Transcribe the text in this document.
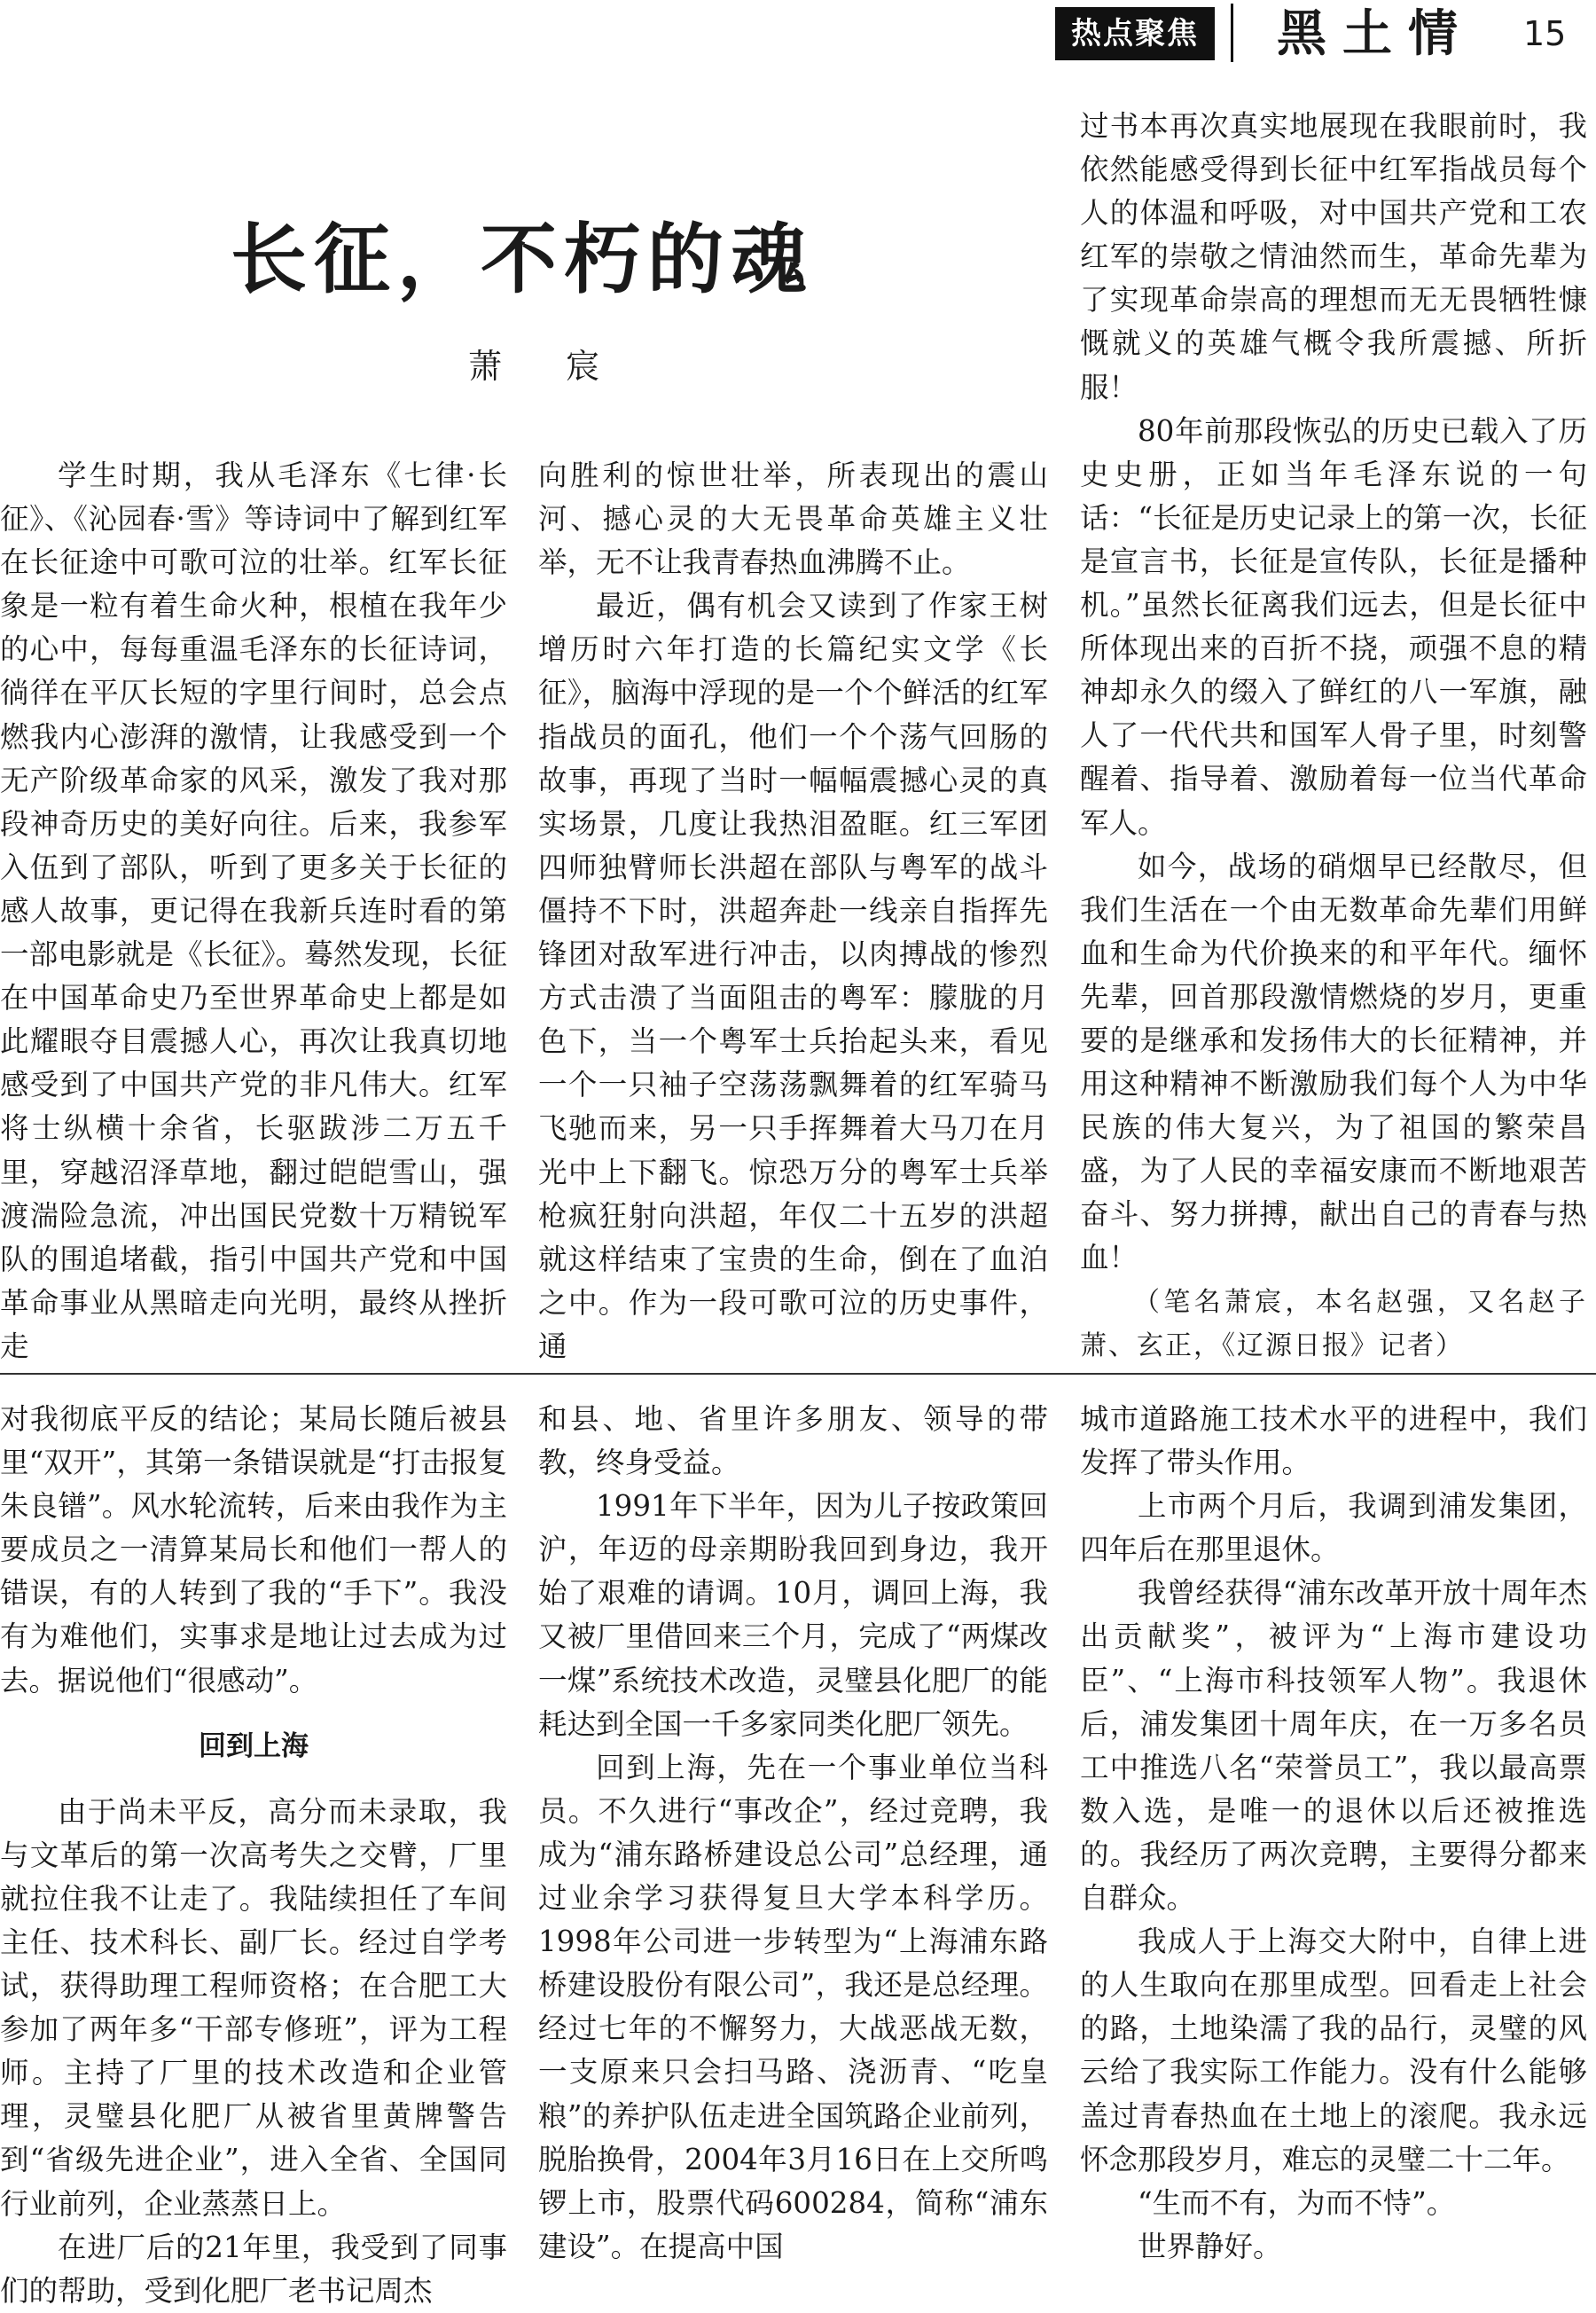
热点聚焦	黑土情 15
长征，不朽的魂
萧 宸

学生时期，我从毛泽东《七律·长征》、《沁园春·雪》等诗词中了解到红军在长征途中可歌可泣的壮举。红军长征象是一粒有着生命火种，根植在我年少的心中，每每重温毛泽东的长征诗词，徜徉在平仄长短的字里行间时，总会点燃我内心澎湃的激情，让我感受到一个无产阶级革命家的风采，激发了我对那段神奇历史的美好向往。后来，我参军入伍到了部队，听到了更多关于长征的感人故事，更记得在我新兵连时看的第一部电影就是《长征》。蓦然发现，长征在中国革命史乃至世界革命史上都是如此耀眼夺目震撼人心，再次让我真切地感受到了中国共产党的非凡伟大。红军将士纵横十余省，长驱跋涉二万五千里，穿越沼泽草地，翻过皑皑雪山，强渡湍险急流，冲出国民党数十万精锐军队的围追堵截，指引中国共产党和中国革命事业从黑暗走向光明，最终从挫折走

向胜利的惊世壮举，所表现出的震山河、撼心灵的大无畏革命英雄主义壮举，无不让我青春热血沸腾不止。

最近，偶有机会又读到了作家王树增历时六年打造的长篇纪实文学《长征》，脑海中浮现的是一个个鲜活的红军指战员的面孔，他们一个个荡气回肠的故事，再现了当时一幅幅震撼心灵的真实场景，几度让我热泪盈眶。红三军团四师独臂师长洪超在部队与粤军的战斗僵持不下时，洪超奔赴一线亲自指挥先锋团对敌军进行冲击，以肉搏战的惨烈方式击溃了当面阻击的粤军：朦胧的月色下，当一个粤军士兵抬起头来，看见一个一只袖子空荡荡飘舞着的红军骑马飞驰而来，另一只手挥舞着大马刀在月光中上下翻飞。惊恐万分的粤军士兵举枪疯狂射向洪超，年仅二十五岁的洪超就这样结束了宝贵的生命，倒在了血泊之中。作为一段可歌可泣的历史事件，通

过书本再次真实地展现在我眼前时，我依然能感受得到长征中红军指战员每个人的体温和呼吸，对中国共产党和工农红军的崇敬之情油然而生，革命先辈为了实现革命崇高的理想而无无畏牺牲慷慨就义的英雄气概令我所震撼、所折服！

80年前那段恢弘的历史已载入了历史史册，正如当年毛泽东说的一句话：“长征是历史记录上的第一次，长征是宣言书，长征是宣传队，长征是播种机。”虽然长征离我们远去，但是长征中所体现出来的百折不挠，顽强不息的精神却永久的缀入了鲜红的八一军旗，融人了一代代共和国军人骨子里，时刻警醒着、指导着、激励着每一位当代革命军人。

如今，战场的硝烟早已经散尽，但我们生活在一个由无数革命先辈们用鲜血和生命为代价换来的和平年代。缅怀先辈，回首那段激情燃烧的岁月，更重要的是继承和发扬伟大的长征精神，并用这种精神不断激励我们每个人为中华民族的伟大复兴，为了祖国的繁荣昌盛，为了人民的幸福安康而不断地艰苦奋斗、努力拼搏，献出自己的青春与热血！

（笔名萧宸，本名赵强，又名赵子萧、玄正，《辽源日报》记者）

对我彻底平反的结论；某局长随后被县里“双开”，其第一条错误就是“打击报复朱良镨”。风水轮流转，后来由我作为主要成员之一清算某局长和他们一帮人的错误，有的人转到了我的“手下”。我没有为难他们，实事求是地让过去成为过去。据说他们“很感动”。

回到上海

由于尚未平反，高分而未录取，我与文革后的第一次高考失之交臂，厂里就拉住我不让走了。我陆续担任了车间主任、技术科长、副厂长。经过自学考试，获得助理工程师资格；在合肥工大参加了两年多“干部专修班”，评为工程师。主持了厂里的技术改造和企业管理，灵璧县化肥厂从被省里黄牌警告到“省级先进企业”，进入全省、全国同行业前列，企业蒸蒸日上。

在进厂后的21年里，我受到了同事们的帮助，受到化肥厂老书记周杰

和县、地、省里许多朋友、领导的带教，终身受益。

1991年下半年，因为儿子按政策回沪，年迈的母亲期盼我回到身边，我开始了艰难的请调。10月，调回上海，我又被厂里借回来三个月，完成了“两煤改一煤”系统技术改造，灵璧县化肥厂的能耗达到全国一千多家同类化肥厂领先。

回到上海，先在一个事业单位当科员。不久进行“事改企”，经过竞聘，我成为“浦东路桥建设总公司”总经理，通过业余学习获得复旦大学本科学历。1998年公司进一步转型为“上海浦东路桥建设股份有限公司”，我还是总经理。经过七年的不懈努力，大战恶战无数，一支原来只会扫马路、浇沥青、“吃皇粮”的养护队伍走进全国筑路企业前列，脱胎换骨，2004年3月16日在上交所鸣锣上市，股票代码600284，简称“浦东建设”。在提高中国

城市道路施工技术水平的进程中，我们发挥了带头作用。

上市两个月后，我调到浦发集团，四年后在那里退休。

我曾经获得“浦东改革开放十周年杰出贡献奖”，被评为“上海市建设功臣”、“上海市科技领军人物”。我退休后，浦发集团十周年庆，在一万多名员工中推选八名“荣誉员工”，我以最高票数入选，是唯一的退休以后还被推选的。我经历了两次竞聘，主要得分都来自群众。

我成人于上海交大附中，自律上进的人生取向在那里成型。回看走上社会的路，土地染濡了我的品行，灵璧的风云给了我实际工作能力。没有什么能够盖过青春热血在土地上的滚爬。我永远怀念那段岁月，难忘的灵璧二十二年。

“生而不有，为而不恃”。

世界静好。
